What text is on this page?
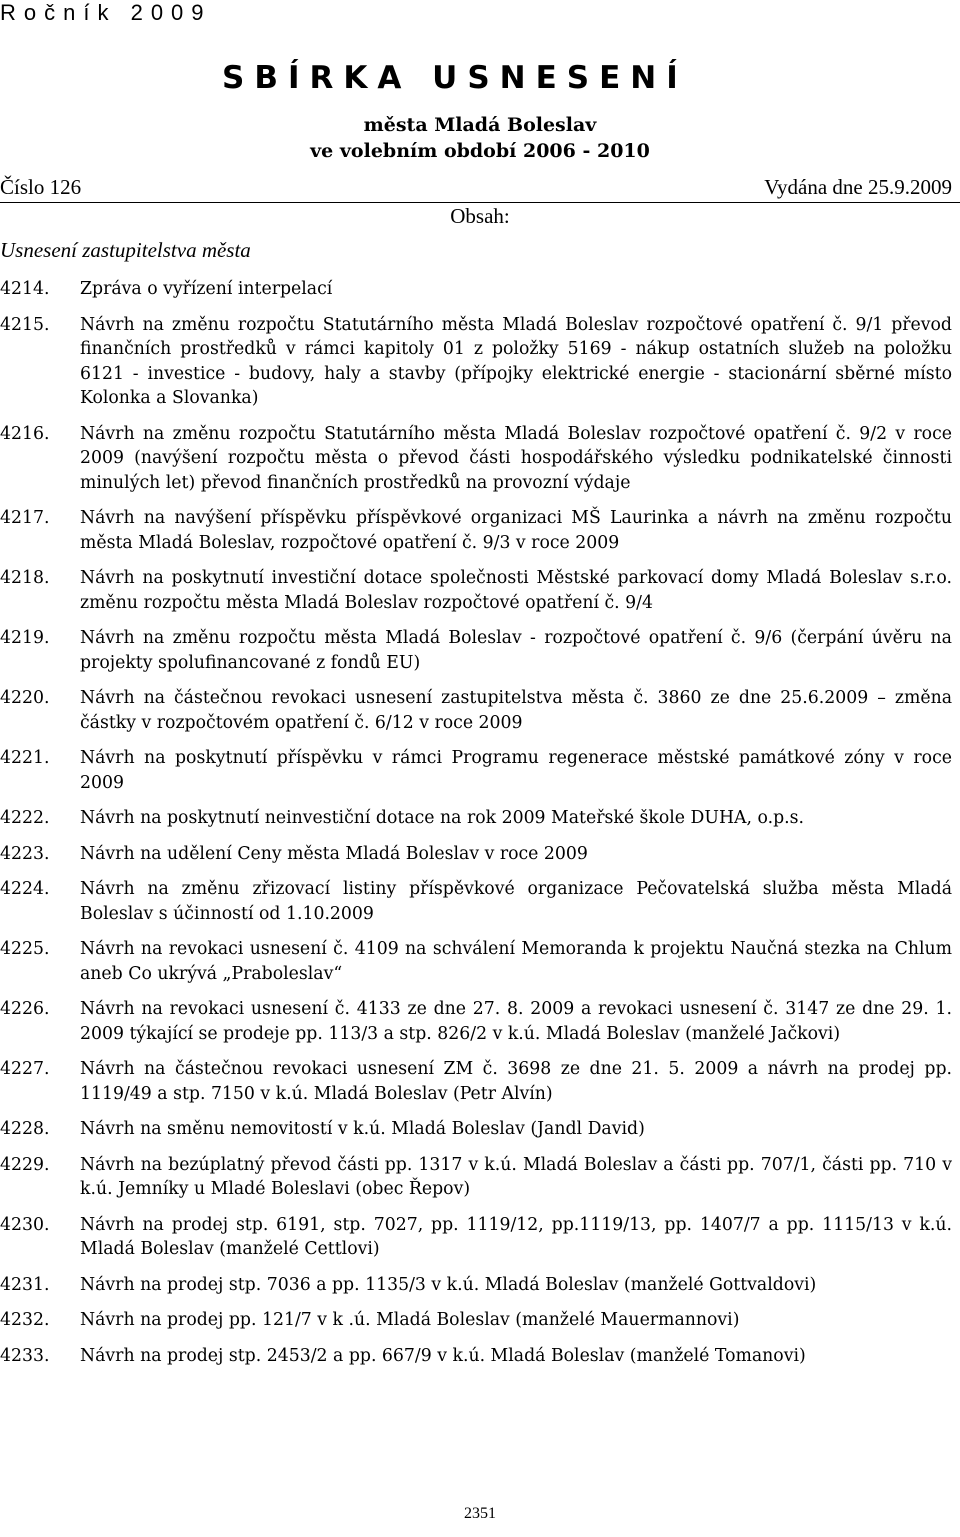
Ročník 2009
SBÍRKA USNESENÍ
města Mladá Boleslav
ve volebním období 2006 - 2010
Číslo 126	Vydána dne 25.9.2009
Obsah:
Usnesení zastupitelstva města
4214.	Zpráva o vyřízení interpelací
4215.	Návrh na změnu rozpočtu Statutárního města Mladá Boleslav rozpočtové opatření č. 9/1 převod finančních prostředků v rámci kapitoly 01 z položky 5169 - nákup ostatních služeb na položku 6121 - investice - budovy, haly a stavby (přípojky elektrické energie - stacionární sběrné místo Kolonka a Slovanka)
4216.	Návrh na změnu rozpočtu Statutárního města Mladá Boleslav rozpočtové opatření č. 9/2 v roce 2009 (navýšení rozpočtu města o převod části hospodářského výsledku podnikatelské činnosti minulých let) převod finančních prostředků na provozní výdaje
4217.	Návrh na navýšení příspěvku příspěvkové organizaci MŠ Laurinka a návrh na změnu rozpočtu města Mladá Boleslav, rozpočtové opatření č. 9/3 v roce 2009
4218.	Návrh na poskytnutí investiční dotace společnosti Městské parkovací domy Mladá Boleslav s.r.o. změnu rozpočtu města Mladá Boleslav rozpočtové opatření č. 9/4
4219.	Návrh na změnu rozpočtu města Mladá Boleslav - rozpočtové opatření č. 9/6 (čerpání úvěru na projekty spolufinancované z fondů EU)
4220.	Návrh na částečnou revokaci usnesení zastupitelstva města č. 3860 ze dne 25.6.2009 – změna částky v rozpočtovém opatření č. 6/12 v roce 2009
4221.	Návrh na poskytnutí příspěvku v rámci Programu regenerace městské památkové zóny v roce 2009
4222.	Návrh na poskytnutí neinvestiční dotace na rok 2009 Mateřské škole DUHA, o.p.s.
4223.	Návrh na udělení Ceny města Mladá Boleslav v roce 2009
4224.	Návrh na změnu zřizovací listiny příspěvkové organizace Pečovatelská služba města Mladá Boleslav s účinností od 1.10.2009
4225.	Návrh na revokaci usnesení č. 4109 na schválení Memoranda k projektu Naučná stezka na Chlum aneb Co ukrývá „Praboleslav“
4226.	Návrh na revokaci usnesení č. 4133 ze dne 27. 8. 2009 a revokaci usnesení č. 3147 ze dne 29. 1. 2009 týkající se prodeje pp. 113/3 a stp. 826/2 v k.ú. Mladá Boleslav (manželé Jačkovi)
4227.	Návrh na částečnou revokaci usnesení ZM č. 3698 ze dne 21. 5. 2009 a návrh na prodej pp. 1119/49 a stp. 7150 v k.ú. Mladá Boleslav (Petr Alvín)
4228.	Návrh na směnu nemovitostí v k.ú. Mladá Boleslav (Jandl David)
4229.	Návrh na bezúplatný převod části pp. 1317 v k.ú. Mladá Boleslav a části pp. 707/1, části pp. 710 v k.ú. Jemníky u Mladé Boleslavi (obec Řepov)
4230.	Návrh na prodej stp. 6191, stp. 7027, pp. 1119/12, pp.1119/13, pp. 1407/7 a pp. 1115/13 v k.ú. Mladá Boleslav (manželé Cettlovi)
4231.	Návrh na prodej stp. 7036 a pp. 1135/3 v k.ú. Mladá Boleslav (manželé Gottvaldovi)
4232.	Návrh na prodej pp. 121/7 v k .ú. Mladá Boleslav (manželé Mauermannovi)
4233.	Návrh na prodej stp. 2453/2 a pp. 667/9 v k.ú. Mladá Boleslav (manželé Tomanovi)
2351
